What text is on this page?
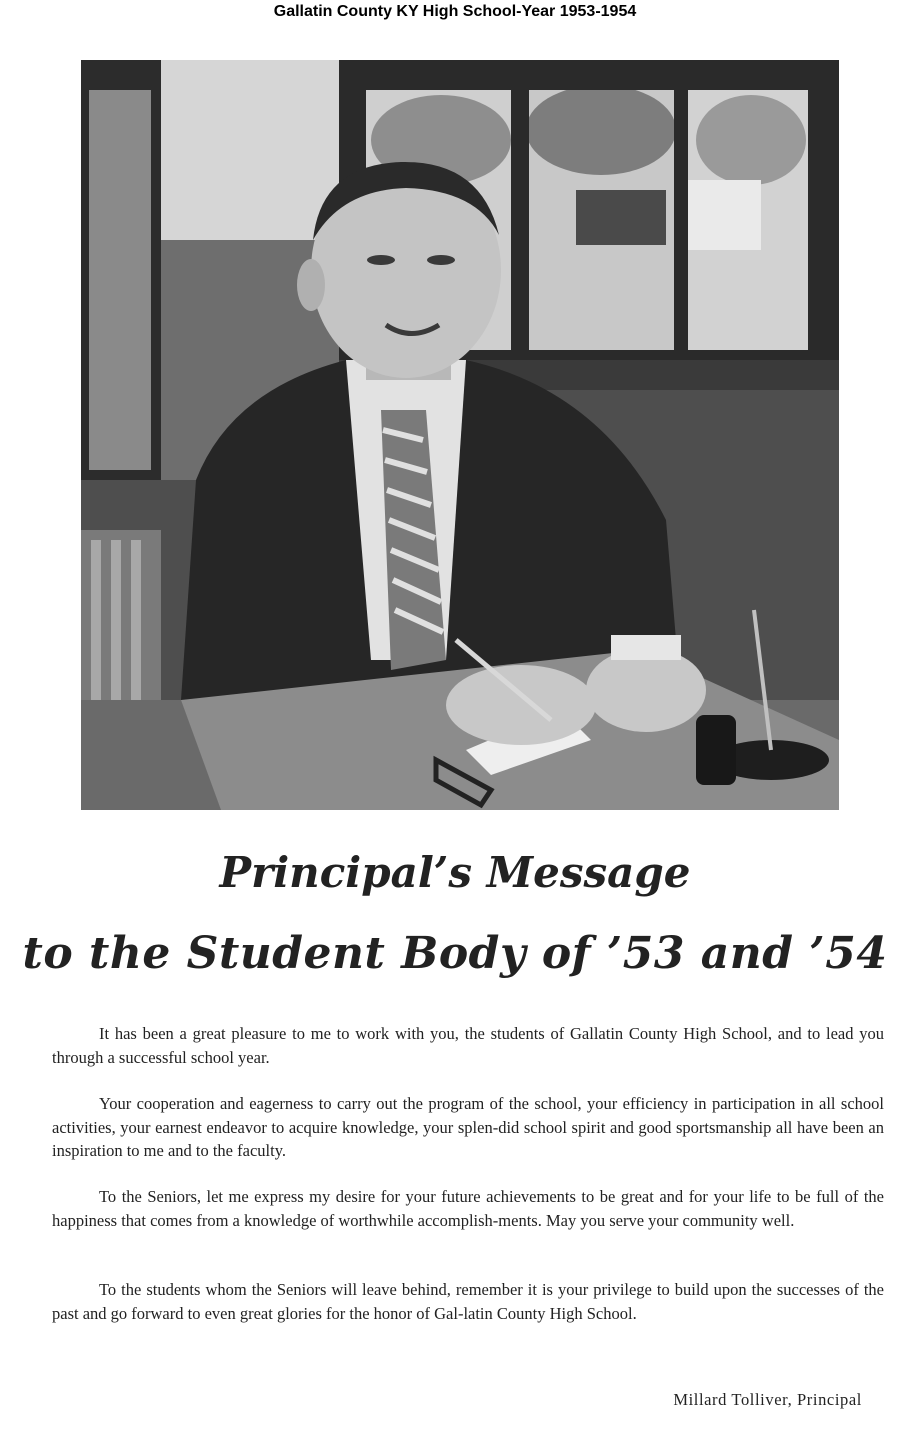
Gallatin County KY High School-Year 1953-1954
Principal’s Message
to the Student Body of ’53 and ’54

It has been a great pleasure to me to work with you, the students of Gallatin County High School, and to lead you through a successful school year.

Your cooperation and eagerness to carry out the program of the school, your efficiency in participation in all school activities, your earnest endeavor to acquire knowledge, your splen-did school spirit and good sportsmanship all have been an inspiration to me and to the faculty.

To the Seniors, let me express my desire for your future achievements to be great and for your life to be full of the happiness that comes from a knowledge of worthwhile accomplish-ments. May you serve your community well.

To the students whom the Seniors will leave behind, remember it is your privilege to build upon the successes of the past and go forward to even great glories for the honor of Gal-latin County High School.

Millard Tolliver, Principal
